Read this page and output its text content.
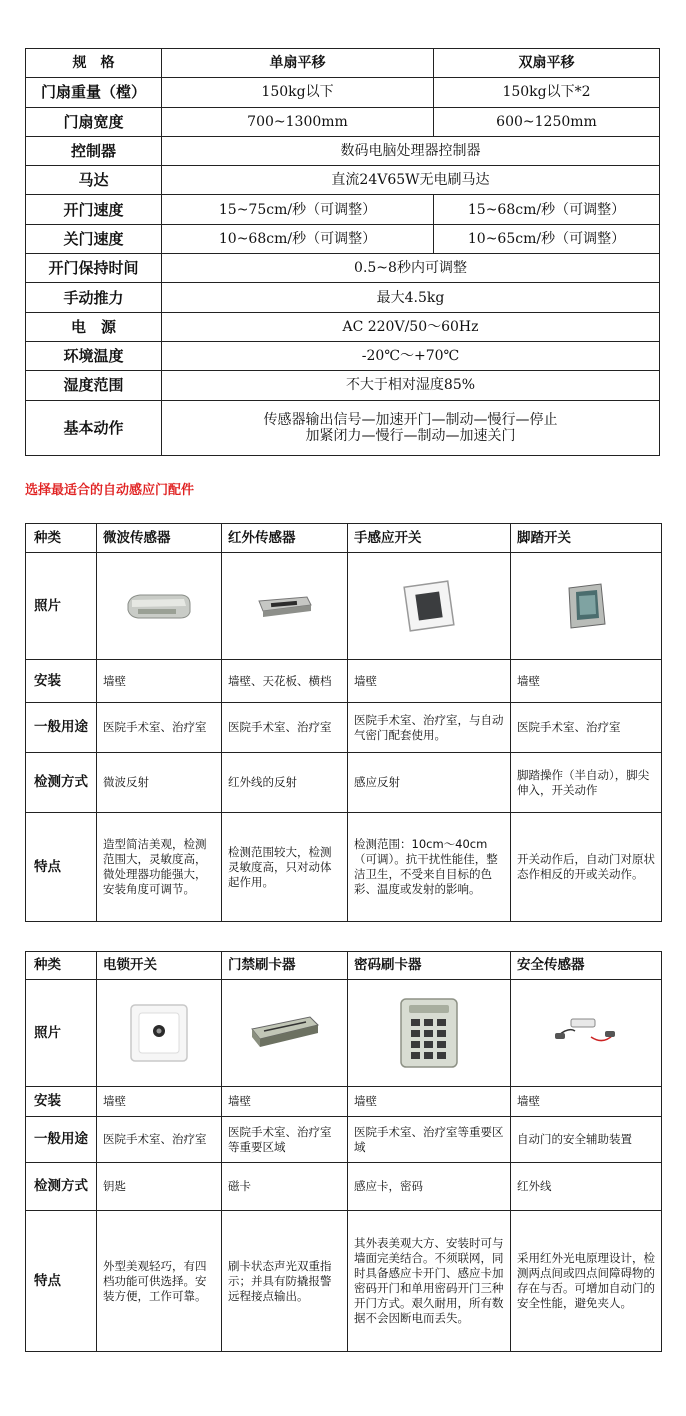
规　格	单扇平移	双扇平移
门扇重量（樘）	150kg以下	150kg以下*2
门扇宽度	700~1300mm	600~1250mm
控制器	数码电脑处理器控制器	
马达	直流24V65W无电刷马达	
开门速度	15~75cm/秒（可调整）	15~68cm/秒（可调整）
关门速度	10~68cm/秒（可调整）	10~65cm/秒（可调整）
开门保持时间	0.5~8秒内可调整	
手动推力	最大4.5kg	
电　源	AC 220V/50～60Hz	
环境温度	-20℃～+70℃	
湿度范围	不大于相对湿度85%	
基本动作	传感器输出信号—加速开门—制动—慢行—停止
加紧闭力—慢行—制动—加速关门	
选择最适合的自动感应门配件
种类	微波传感器	红外传感器	手感应开关	脚踏开关
照片	

安装	墙壁	墙壁、天花板、横档	墙壁	墙壁
一般用途	医院手术室、治疗室	医院手术室、治疗室	医院手术室、治疗室，与自动气密门配套使用。	医院手术室、治疗室
检测方式	微波反射	红外线的反射	感应反射	脚踏操作（半自动），脚尖伸入，开关动作
特点	造型简洁美观，检测范围大，灵敏度高，微处理器功能强大，安装角度可调节。	检测范围较大，检测灵敏度高，只对动体起作用。	检测范围：10cm～40cm（可调）。抗干扰性能佳，整洁卫生，不受来自目标的色彩、温度或发射的影响。	开关动作后，自动门对原状态作相反的开或关动作。
种类	电锁开关	门禁刷卡器	密码刷卡器	安全传感器
照片	

安装	墙壁	墙壁	墙壁	墙壁
一般用途	医院手术室、治疗室	医院手术室、治疗室等重要区域	医院手术室、治疗室等重要区域	自动门的安全辅助装置
检测方式	钥匙	磁卡	感应卡，密码	红外线
特点	外型美观轻巧，有四档功能可供选择。安装方便，工作可靠。	刷卡状态声光双重指示；并具有防撬报警远程接点输出。	其外表美观大方、安装时可与墙面完美结合。不须联网，同时具备感应卡开门、感应卡加密码开门和单用密码开门三种开门方式。艰久耐用，所有数据不会因断电而丢失。	采用红外光电原理设计，检测两点间或四点间障碍物的存在与否。可增加自动门的安全性能，避免夹人。
